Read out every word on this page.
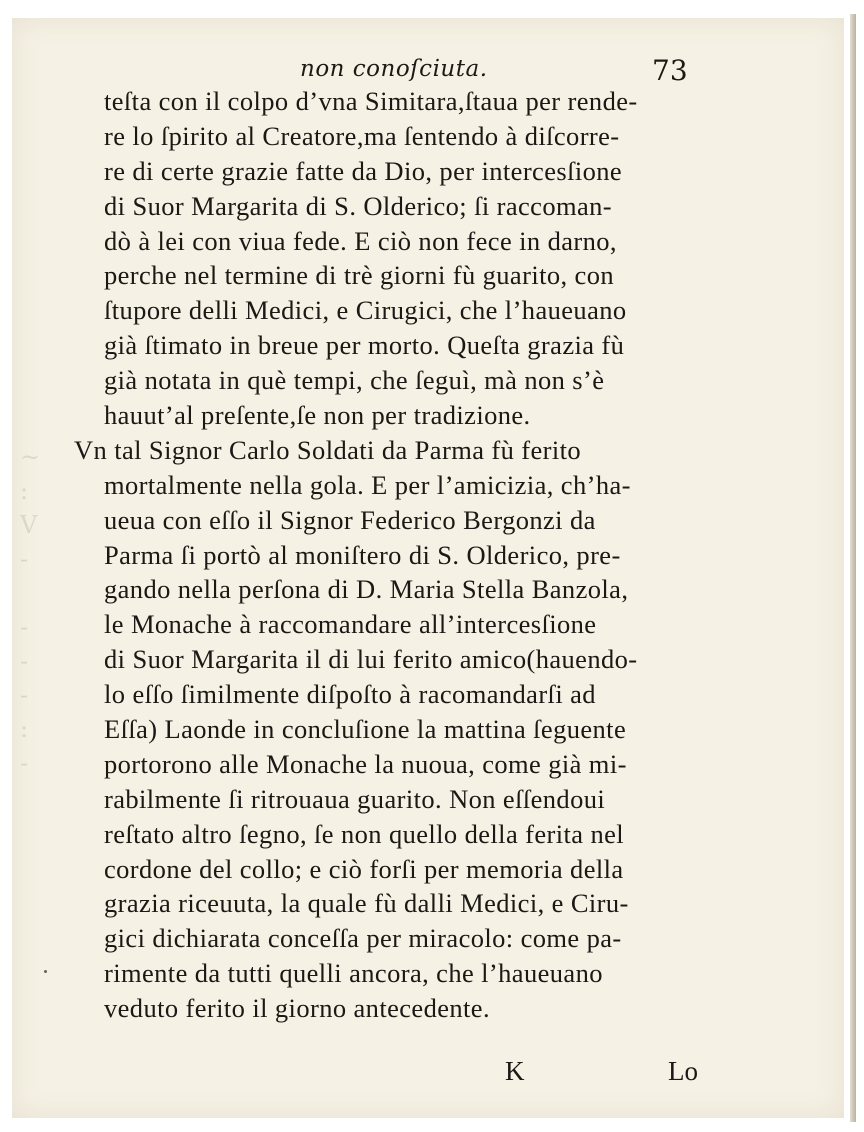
non conoſciuta.	73
teſta con il colpo d’vna Simitara,ſtaua per rende-
re lo ſpirito al Creatore,ma ſentendo à diſcorre-
re di certe grazie fatte da Dio, per intercesſione
di Suor Margarita di S. Olderico; ſi raccoman-
dò à lei con viua fede. E ciò non fece in darno,
perche nel termine di trè giorni fù guarito, con
ſtupore delli Medici, e Cirugici, che l’haueuano
già ſtimato in breue per morto. Queſta grazia fù
già notata in què tempi, che ſeguì, mà non s’è
hauut’al preſente,ſe non per tradizione.
Vn tal Signor Carlo Soldati da Parma fù ferito
mortalmente nella gola. E per l’amicizia, ch’ha-
ueua con eſſo il Signor Federico Bergonzi da
Parma ſi portò al moniſtero di S. Olderico, pre-
gando nella perſona di D. Maria Stella Banzola,
le Monache à raccomandare all’intercesſione
di Suor Margarita il di lui ferito amico(hauendo-
lo eſſo ſimilmente diſpoſto à racomandarſi ad
Eſſa) Laonde in concluſione la mattina ſeguente
portorono alle Monache la nuoua, come già mi-
rabilmente ſi ritrouaua guarito. Non eſſendoui
reſtato altro ſegno, ſe non quello della ferita nel
cordone del collo; e ciò forſi per memoria della
grazia riceuuta, la quale fù dalli Medici, e Ciru-
gici dichiarata conceſſa per miracolo: come pa-
rimente da tutti quelli ancora, che l’haueuano
veduto ferito il giorno antecedente.
K	Lo
